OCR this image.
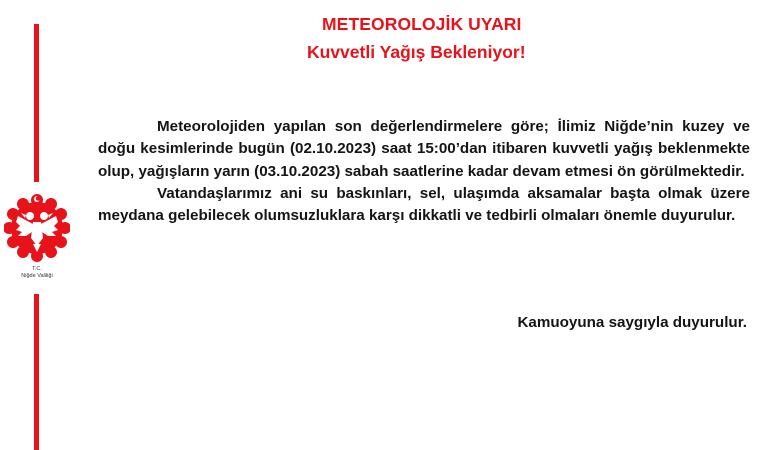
T.C.
Niğde Valiliği
METEOROLOJİK UYARI
Kuvvetli Yağış Bekleniyor!

Meteorolojiden yapılan son değerlendirmelere göre; İlimiz Niğde’nin kuzey ve doğu kesimlerinde bugün (02.10.2023) saat 15:00’dan itibaren kuvvetli yağış beklenmekte olup, yağışların yarın (03.10.2023) sabah saatlerine kadar devam etmesi ön görülmektedir.

Vatandaşlarımız ani su baskınları, sel, ulaşımda aksamalar başta olmak üzere meydana gelebilecek olumsuzluklara karşı dikkatli ve tedbirli olmaları önemle duyurulur.

Kamuoyuna saygıyla duyurulur.
